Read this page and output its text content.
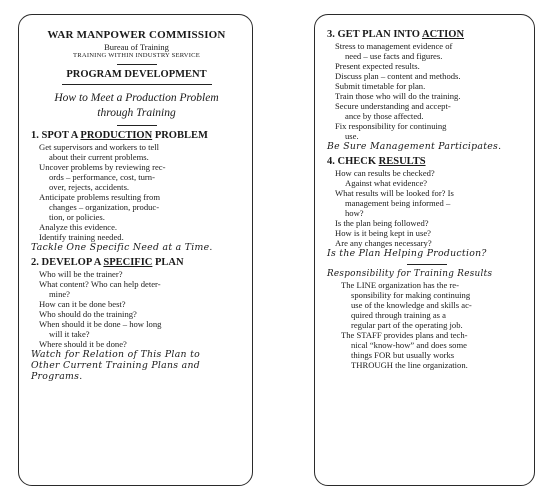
WAR MANPOWER COMMISSION
Bureau of Training
TRAINING WITHIN INDUSTRY SERVICE
PROGRAM DEVELOPMENT
How to Meet a Production Problem
through Training
1. SPOT A PRODUCTION PROBLEM
Get supervisors and workers to tell
about their current problems.
Uncover problems by reviewing rec-
ords – performance, cost, turn-
over, rejects, accidents.
Anticipate problems resulting from
changes – organization, produc-
tion, or policies.
Analyze this evidence.
Identify training needed.
Tackle One Specific Need at a Time.
2. DEVELOP A SPECIFIC PLAN
Who will be the trainer?
What content? Who can help deter-
mine?
How can it be done best?
Who should do the training?
When should it be done – how long
will it take?
Where should it be done?
Watch for Relation of This Plan to
Other Current Training Plans and
Programs.
3. GET PLAN INTO ACTION
Stress to management evidence of
need – use facts and figures.
Present expected results.
Discuss plan – content and methods.
Submit timetable for plan.
Train those who will do the training.
Secure understanding and accept-
ance by those affected.
Fix responsibility for continuing
use.
Be Sure Management Participates.
4. CHECK RESULTS
How can results be checked?
Against what evidence?
What results will be looked for? Is
management being informed –
how?
Is the plan being followed?
How is it being kept in use?
Are any changes necessary?
Is the Plan Helping Production?
Responsibility for Training Results
The LINE organization has the re-
sponsibility for making continuing
use of the knowledge and skills ac-
quired through training as a
regular part of the operating job.
The STAFF provides plans and tech-
nical “know-how” and does some
things FOR but usually works
THROUGH the line organization.
